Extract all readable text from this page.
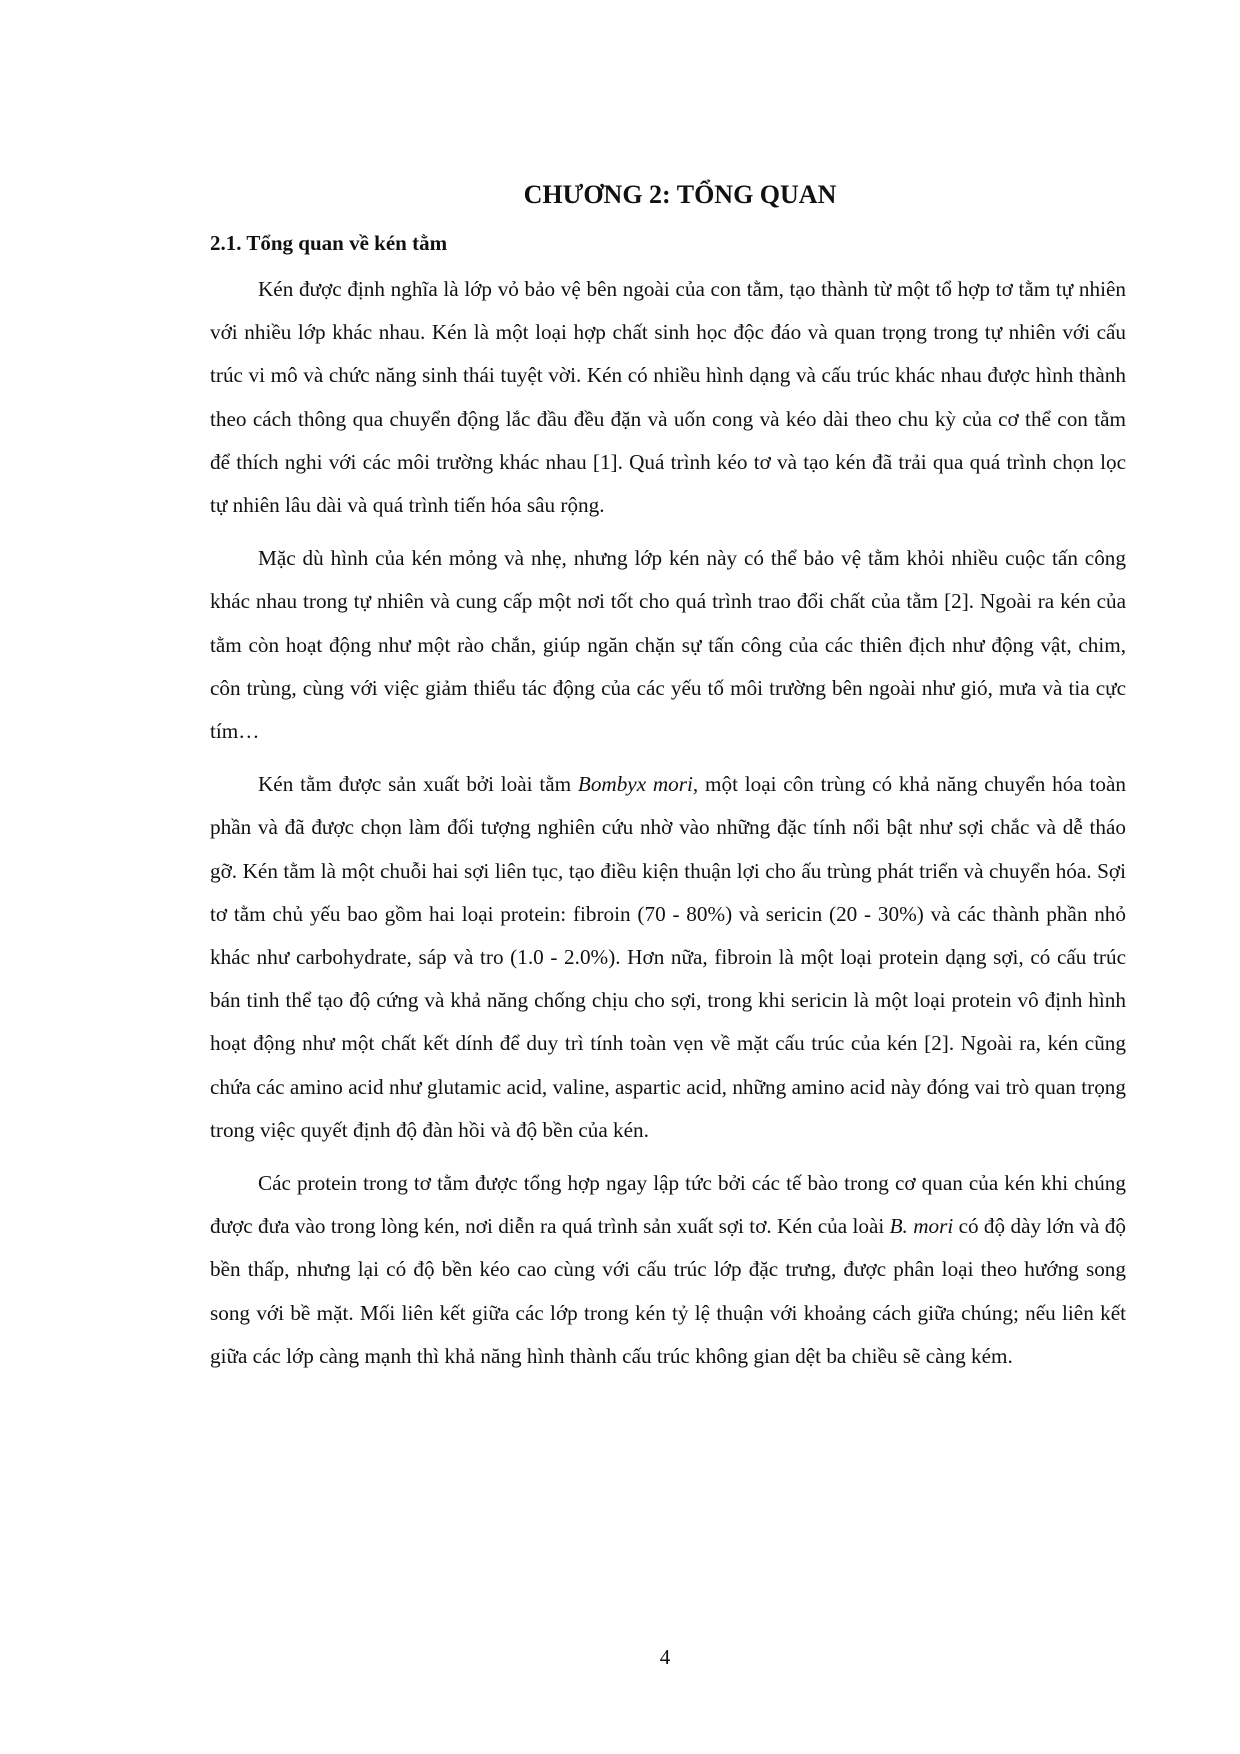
CHƯƠNG 2: TỔNG QUAN
2.1. Tổng quan về kén tằm

Kén được định nghĩa là lớp vỏ bảo vệ bên ngoài của con tằm, tạo thành từ một tổ hợp tơ tằm tự nhiên với nhiều lớp khác nhau. Kén là một loại hợp chất sinh học độc đáo và quan trọng trong tự nhiên với cấu trúc vi mô và chức năng sinh thái tuyệt vời. Kén có nhiều hình dạng và cấu trúc khác nhau được hình thành theo cách thông qua chuyển động lắc đầu đều đặn và uốn cong và kéo dài theo chu kỳ của cơ thể con tằm để thích nghi với các môi trường khác nhau [1]. Quá trình kéo tơ và tạo kén đã trải qua quá trình chọn lọc tự nhiên lâu dài và quá trình tiến hóa sâu rộng.

Mặc dù hình của kén mỏng và nhẹ, nhưng lớp kén này có thể bảo vệ tằm khỏi nhiều cuộc tấn công khác nhau trong tự nhiên và cung cấp một nơi tốt cho quá trình trao đổi chất của tằm [2]. Ngoài ra kén của tằm còn hoạt động như một rào chắn, giúp ngăn chặn sự tấn công của các thiên địch như động vật, chim, côn trùng, cùng với việc giảm thiểu tác động của các yếu tố môi trường bên ngoài như gió, mưa và tia cực tím…

Kén tằm được sản xuất bởi loài tằm Bombyx mori, một loại côn trùng có khả năng chuyển hóa toàn phần và đã được chọn làm đối tượng nghiên cứu nhờ vào những đặc tính nổi bật như sợi chắc và dễ tháo gỡ. Kén tằm là một chuỗi hai sợi liên tục, tạo điều kiện thuận lợi cho ấu trùng phát triển và chuyển hóa. Sợi tơ tằm chủ yếu bao gồm hai loại protein: fibroin (70 - 80%) và sericin (20 - 30%) và các thành phần nhỏ khác như carbohydrate, sáp và tro (1.0 - 2.0%). Hơn nữa, fibroin là một loại protein dạng sợi, có cấu trúc bán tinh thể tạo độ cứng và khả năng chống chịu cho sợi, trong khi sericin là một loại protein vô định hình hoạt động như một chất kết dính để duy trì tính toàn vẹn về mặt cấu trúc của kén [2]. Ngoài ra, kén cũng chứa các amino acid như glutamic acid, valine, aspartic acid, những amino acid này đóng vai trò quan trọng trong việc quyết định độ đàn hồi và độ bền của kén.

Các protein trong tơ tằm được tổng hợp ngay lập tức bởi các tế bào trong cơ quan của kén khi chúng được đưa vào trong lòng kén, nơi diễn ra quá trình sản xuất sợi tơ. Kén của loài B. mori có độ dày lớn và độ bền thấp, nhưng lại có độ bền kéo cao cùng với cấu trúc lớp đặc trưng, được phân loại theo hướng song song với bề mặt. Mối liên kết giữa các lớp trong kén tỷ lệ thuận với khoảng cách giữa chúng; nếu liên kết giữa các lớp càng mạnh thì khả năng hình thành cấu trúc không gian dệt ba chiều sẽ càng kém.

4
